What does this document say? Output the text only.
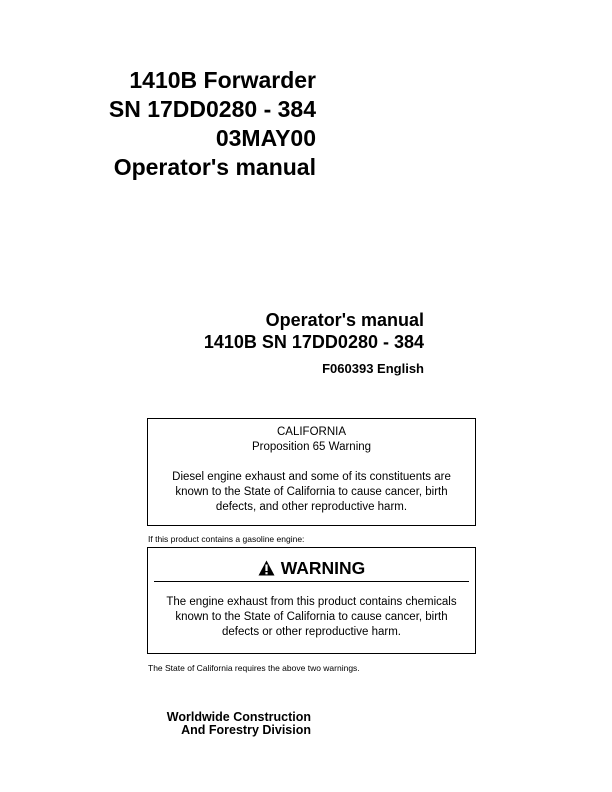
1410B Forwarder
SN 17DD0280 - 384
03MAY00
Operator's manual
Operator's manual
1410B SN 17DD0280 - 384
F060393 English
CALIFORNIA
Proposition 65 Warning
Diesel engine exhaust and some of its constituents are known to the State of California to cause cancer, birth defects, and other reproductive harm.
If this product contains a gasoline engine:
WARNING
The engine exhaust from this product contains chemicals known to the State of California to cause cancer, birth defects or other reproductive harm.
The State of California requires the above two warnings.
Worldwide Construction
And Forestry Division
